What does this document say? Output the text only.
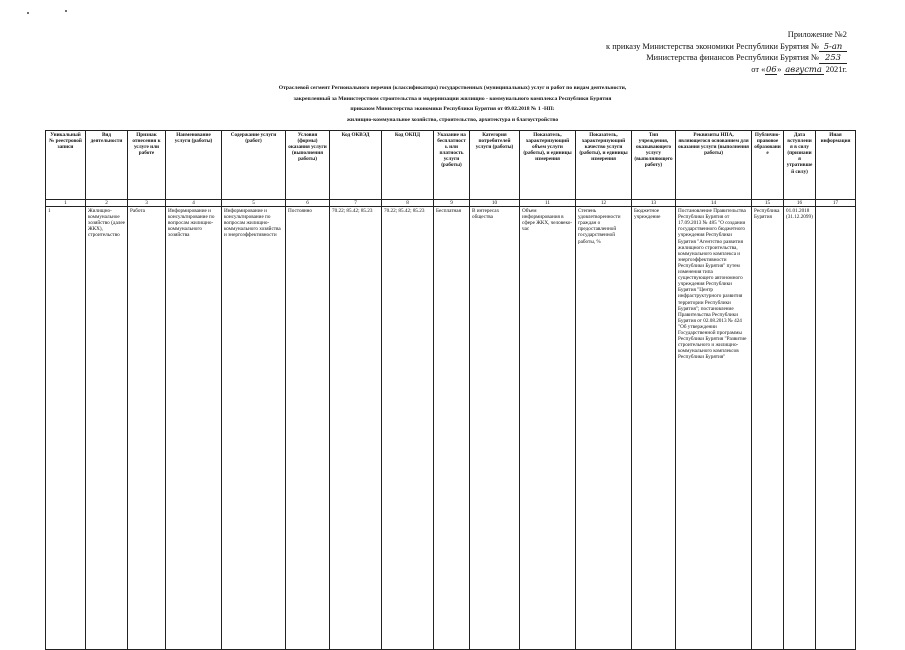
Приложение №2
к приказу Министерства экономики Республики Бурятия № 5-ап
Министерства финансов Республики Бурятия № 253
от «06» августа 2021г.
Отраслевой сегмент Регионального перечня (классификатора) государственных (муниципальных) услуг и работ по видам деятельности,
закрепленный за Министерством строительства и модернизации жилищно - коммунального комплекса Республики Бурятия
приказом Министерства экономики Республики Бурятия от 09.02.2018 № 1 -НП:
жилищно-коммунальное хозяйство, строительство, архитектура и благоустройство
Уникальный № реестровой записи	Вид деятельности	Признак отнесения к услуге или работе	Наименование услуги (работы)	Содержание услуги (работ)	Условия (формы) оказания услуги (выполнения работы)	Код ОКВЭД	Код ОКПД	Указание на бесплатность или платность услуги (работы)	Категория потребителей услуги (работы)	Показатель, характеризующий объем услуги (работы), и единицы измерения	Показатель, характеризующий качество услуги (работы), и единицы измерения	Тип учреждения, оказывающего услугу (выполняющего работу)	Реквизиты НПА, являющегося основанием для оказания услуги (выполнения работы)	Публично-правовое образование	Дата вступления в силу (признания утратившей силу)	Иная информация
1	2	3	4	5	6	7	8	9	10	11	12	13	14	15	16	17
1	Жилищно-коммунальное хозяйство (далее ЖКХ), строительство	Работа	Информирование и консультирование по вопросам жилищно-коммунального хозяйства	Информирование и консультирование по вопросам жилищно-коммунального хозяйства и энергоэффективности	Постоянно	70.22; 85.42; 85.23	70.22; 85.42; 85.23	Бесплатная	В интересах общества	Объем информирования в сфере ЖКХ, человеко-час	Степень удовлетворенности граждан о предоставленной государственной работы, %	Бюджетное учреждение	Постановление Правительства Республики Бурятия от 17.09.2013 № 485 "О создании государственного бюджетного учреждения Республики Бурятия "Агентство развития жилищного строительства, коммунального комплекса и энергоэффективности Республики Бурятия" путем изменения типа существующего автономного учреждения Республики Бурятия "Центр инфраструктурного развития территории Республики Бурятия"; постановление Правительства Республики Бурятия от 02.08.2013 № 424 "Об утверждении Государственной программы Республики Бурятия "Развитие строительного и жилищно-коммунального комплексов Республики Бурятия"	Республика Бурятия	01.01.2018 (31.12.2099)	
